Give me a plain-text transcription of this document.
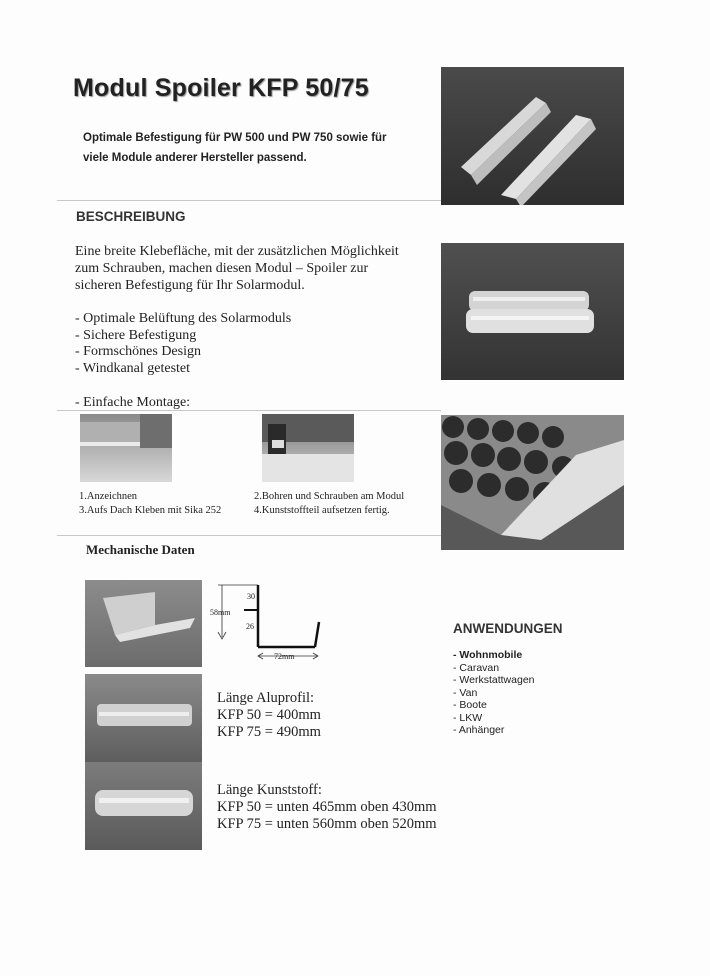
Modul Spoiler KFP 50/75
Optimale Befestigung für PW 500 und PW 750 sowie für
viele Module anderer Hersteller passend.
BESCHREIBUNG
Eine breite Klebefläche, mit der zusätzlichen Möglichkeit
zum Schrauben, machen diesen Modul – Spoiler zur
sicheren Befestigung für Ihr Solarmodul.
- Optimale Belüftung des Solarmoduls
- Sichere Befestigung
- Formschönes Design
- Windkanal getestet
- Einfache Montage:
1.Anzeichnen
3.Aufs Dach Kleben mit Sika 252
2.Bohren und Schrauben am Modul
4.Kunststoffteil aufsetzen fertig.
Mechanische Daten
30
58mm
26
72mm
Länge Aluprofil:
KFP 50 = 400mm
KFP 75 = 490mm
Länge Kunststoff:
KFP 50 = unten 465mm oben 430mm
KFP 75 = unten 560mm oben 520mm
ANWENDUNGEN
- Wohnmobile
- Caravan
- Werkstattwagen
- Van
- Boote
- LKW
- Anhänger
